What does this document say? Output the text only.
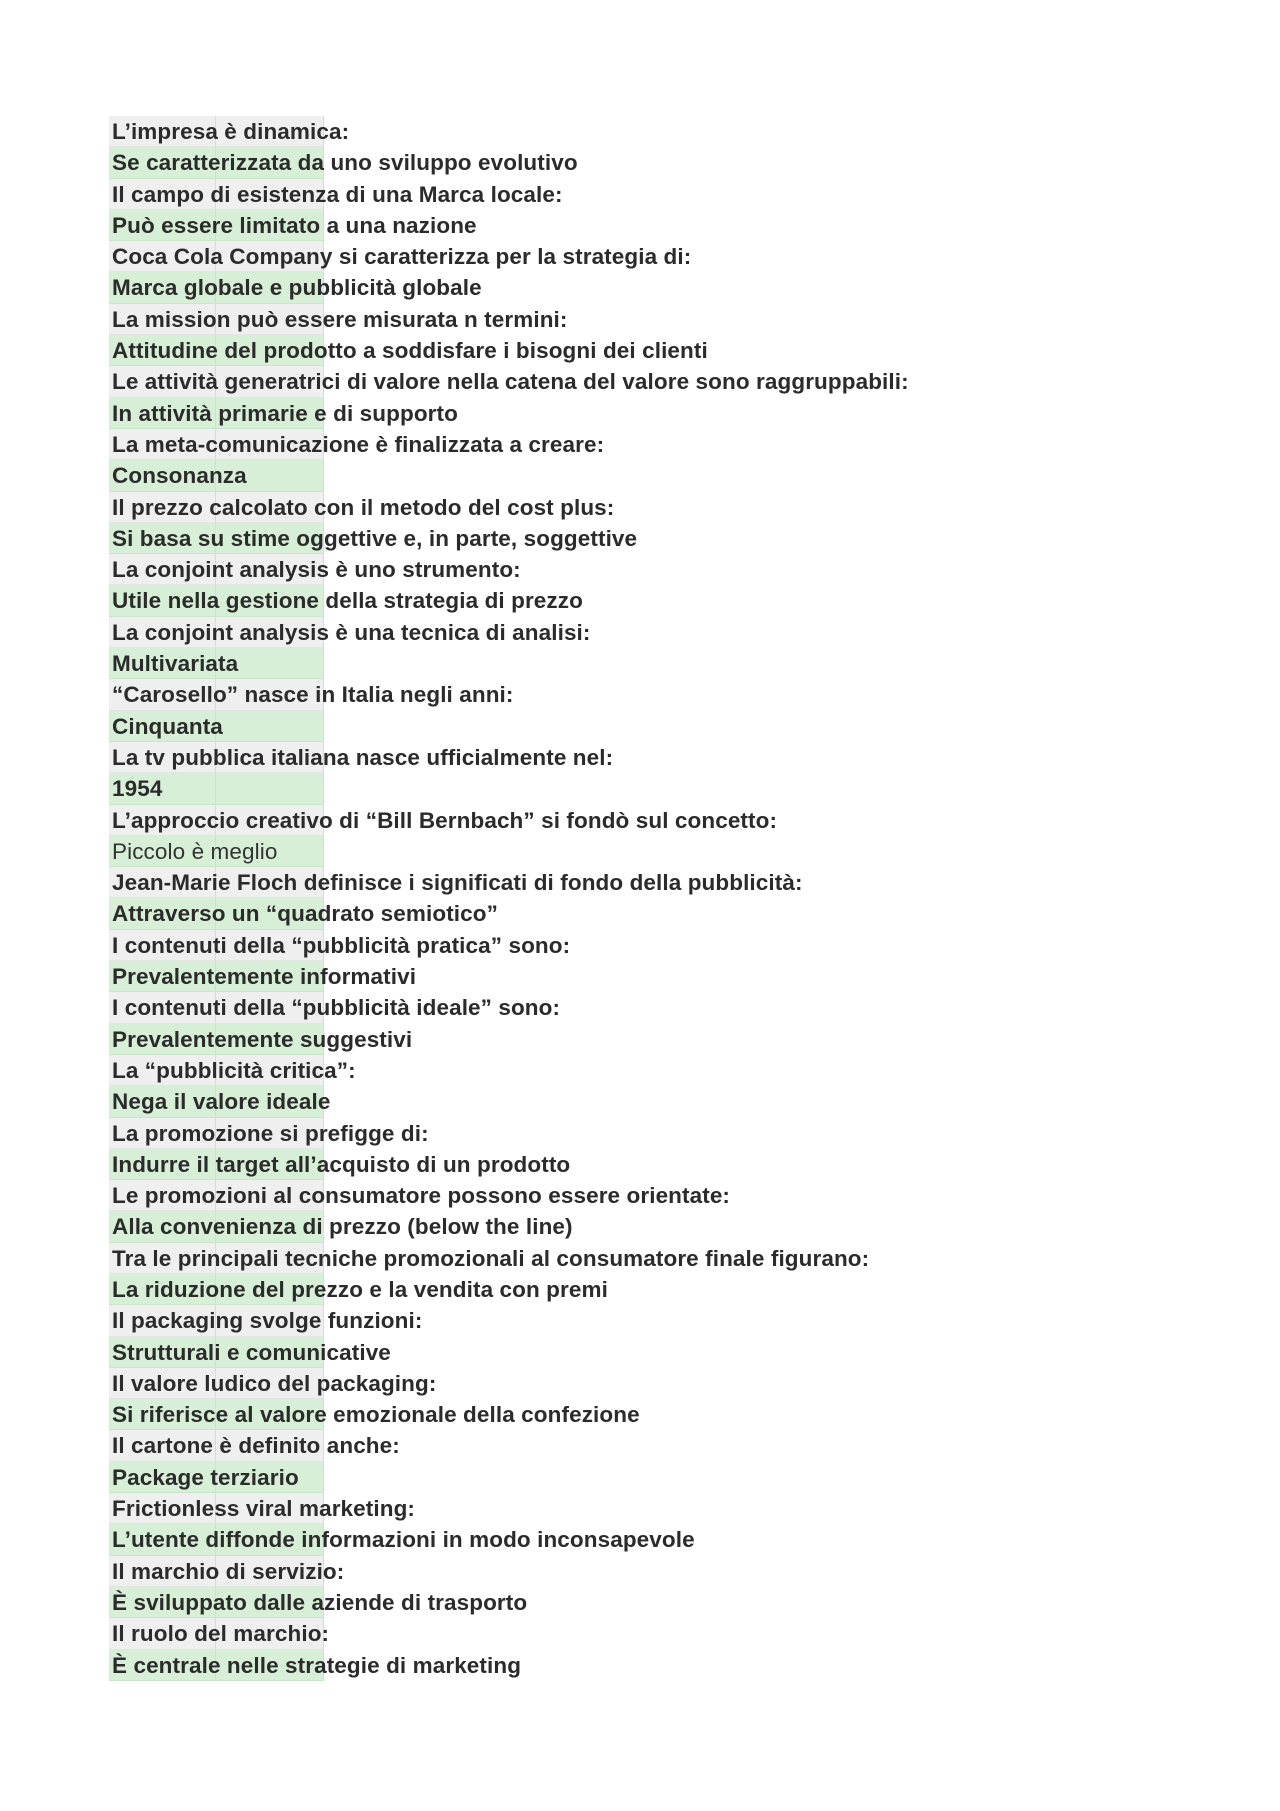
L’impresa è dinamica:
Se caratterizzata da uno sviluppo evolutivo
Il campo di esistenza di una Marca locale:
Può essere limitato a una nazione
Coca Cola Company si caratterizza per la strategia di:
Marca globale e pubblicità globale
La mission può essere misurata n termini:
Attitudine del prodotto a soddisfare i bisogni dei clienti
Le attività generatrici di valore nella catena del valore sono raggruppabili:
In attività primarie e di supporto
La meta-comunicazione è finalizzata a creare:
Consonanza
Il prezzo calcolato con il metodo del cost plus:
Si basa su stime oggettive e, in parte, soggettive
La conjoint analysis è uno strumento:
Utile nella gestione della strategia di prezzo
La conjoint analysis è una tecnica di analisi:
Multivariata
“Carosello” nasce in Italia negli anni:
Cinquanta
La tv pubblica italiana nasce ufficialmente nel:
1954
L’approccio creativo di “Bill Bernbach” si fondò sul concetto:
Piccolo è meglio
Jean-Marie Floch definisce i significati di fondo della pubblicità:
Attraverso un “quadrato semiotico”
I contenuti della “pubblicità pratica” sono:
Prevalentemente informativi
I contenuti della “pubblicità ideale” sono:
Prevalentemente suggestivi
La “pubblicità critica”:
Nega il valore ideale
La promozione si prefigge di:
Indurre il target all’acquisto di un prodotto
Le promozioni al consumatore possono essere orientate:
Alla convenienza di prezzo (below the line)
Tra le principali tecniche promozionali al consumatore finale figurano:
La riduzione del prezzo e la vendita con premi
Il packaging svolge funzioni:
Strutturali e comunicative
Il valore ludico del packaging:
Si riferisce al valore emozionale della confezione
Il cartone è definito anche:
Package terziario
Frictionless viral marketing:
L’utente diffonde informazioni in modo inconsapevole
Il marchio di servizio:
È sviluppato dalle aziende di trasporto
Il ruolo del marchio:
È centrale nelle strategie di marketing
